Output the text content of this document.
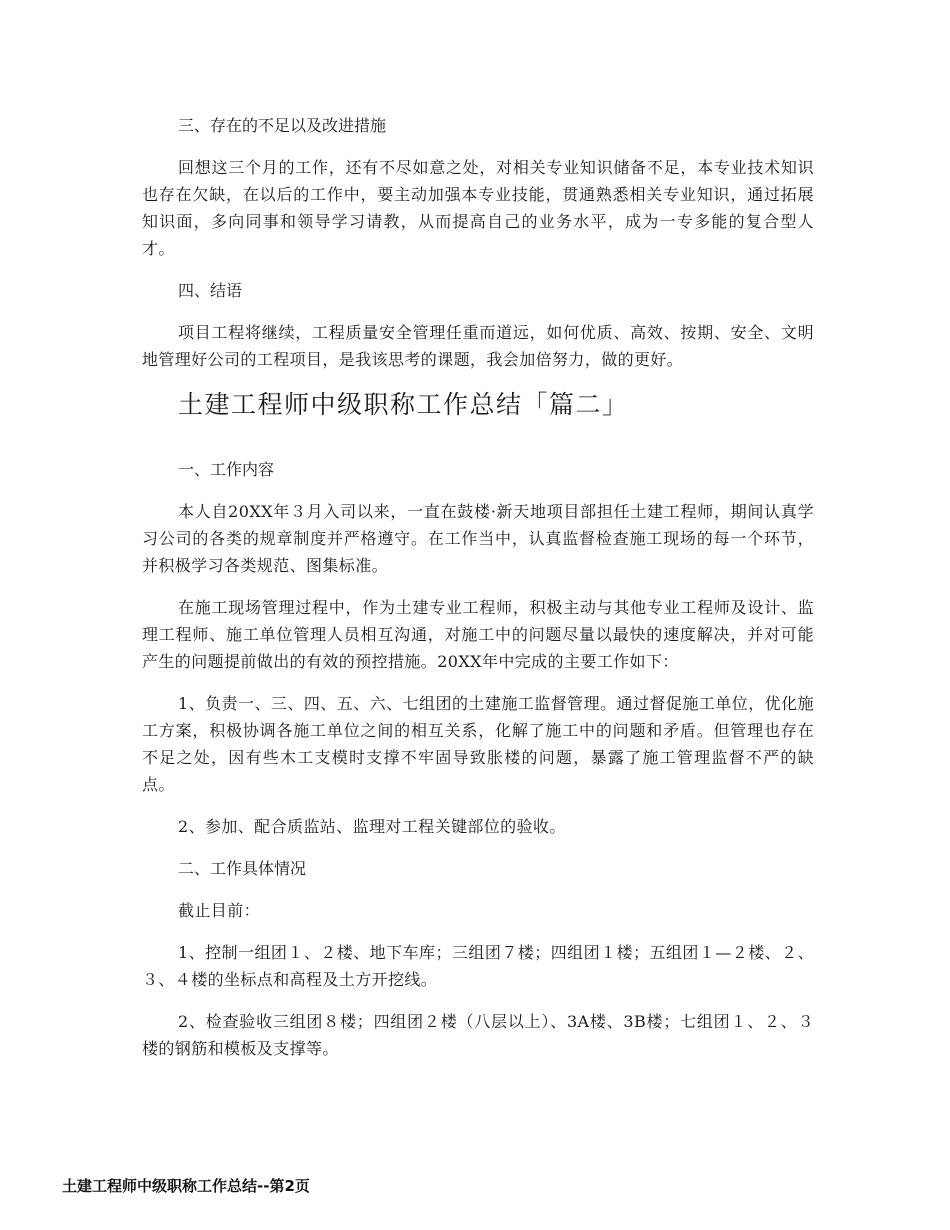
三、存在的不足以及改进措施

回想这三个月的工作，还有不尽如意之处，对相关专业知识储备不足，本专业技术知识也存在欠缺，在以后的工作中，要主动加强本专业技能，贯通熟悉相关专业知识，通过拓展知识面，多向同事和领导学习请教，从而提高自己的业务水平，成为一专多能的复合型人才。

四、结语

项目工程将继续，工程质量安全管理任重而道远，如何优质、高效、按期、安全、文明地管理好公司的工程项目，是我该思考的课题，我会加倍努力，做的更好。

土建工程师中级职称工作总结「篇二」
一、工作内容

本人自20XX年３月入司以来，一直在鼓楼·新天地项目部担任土建工程师，期间认真学习公司的各类的规章制度并严格遵守。在工作当中，认真监督检查施工现场的每一个环节，并积极学习各类规范、图集标准。

在施工现场管理过程中，作为土建专业工程师，积极主动与其他专业工程师及设计、监理工程师、施工单位管理人员相互沟通，对施工中的问题尽量以最快的速度解决，并对可能产生的问题提前做出的有效的预控措施。20XX年中完成的主要工作如下：

1、负责一、三、四、五、六、七组团的土建施工监督管理。通过督促施工单位，优化施工方案，积极协调各施工单位之间的相互关系，化解了施工中的问题和矛盾。但管理也存在不足之处，因有些木工支模时支撑不牢固导致胀楼的问题，暴露了施工管理监督不严的缺点。

2、参加、配合质监站、监理对工程关键部位的验收。

二、工作具体情况

截止目前：

1、控制一组团１、２楼、地下车库；三组团７楼；四组团１楼；五组团１—２楼、２、３、４楼的坐标点和高程及土方开挖线。

2、检查验收三组团８楼；四组团２楼（八层以上）、3A楼、3B楼；七组团１、２、３楼的钢筋和模板及支撑等。

土建工程师中级职称工作总结--第2页
